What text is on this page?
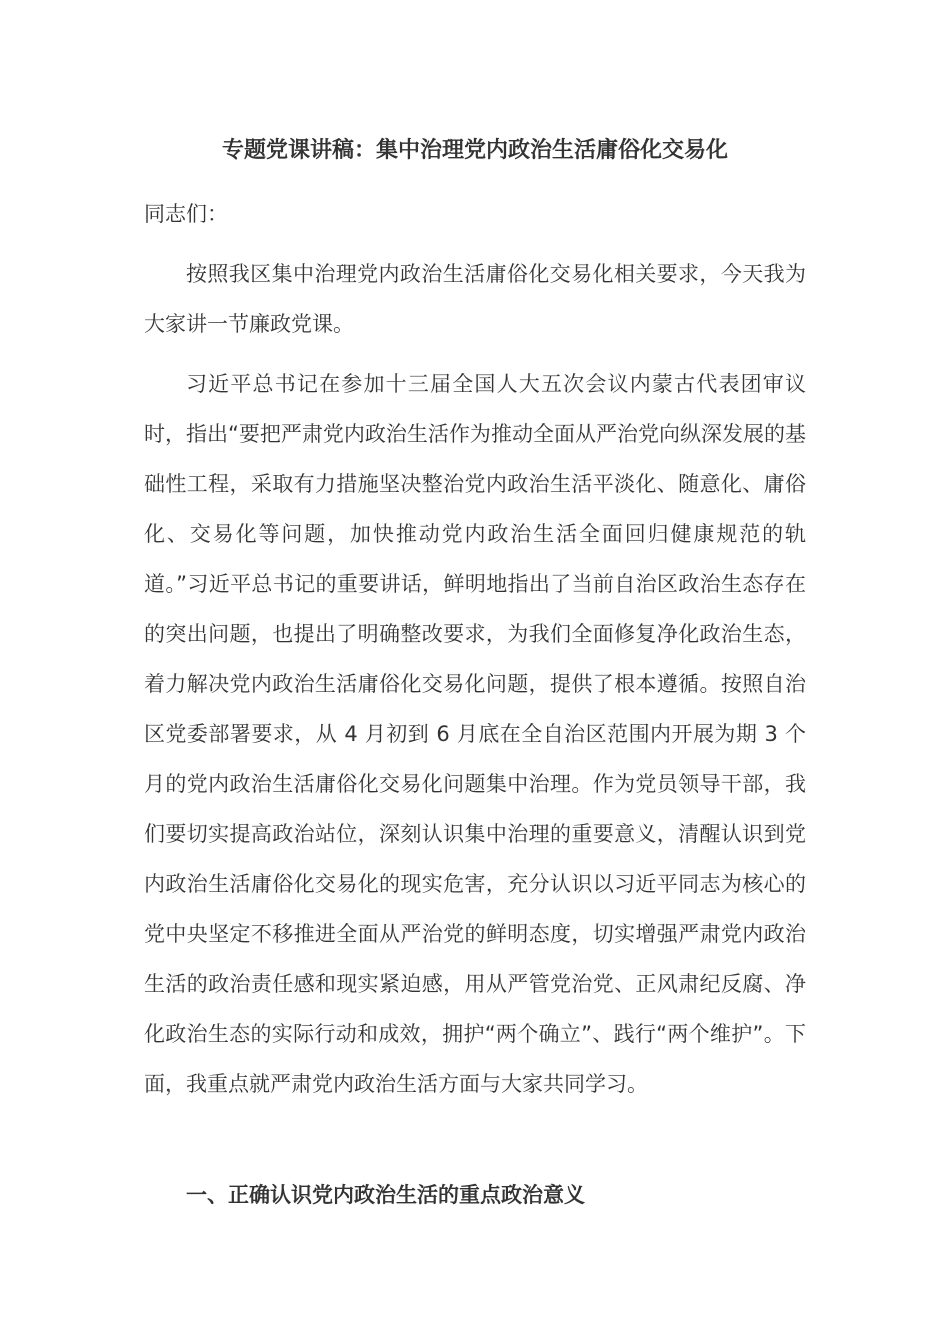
专题党课讲稿：集中治理党内政治生活庸俗化交易化
同志们：

按照我区集中治理党内政治生活庸俗化交易化相关要求，今天我为大家讲一节廉政党课。

习近平总书记在参加十三届全国人大五次会议内蒙古代表团审议时，指出“要把严肃党内政治生活作为推动全面从严治党向纵深发展的基础性工程，采取有力措施坚决整治党内政治生活平淡化、随意化、庸俗化、交易化等问题，加快推动党内政治生活全面回归健康规范的轨道。”习近平总书记的重要讲话，鲜明地指出了当前自治区政治生态存在的突出问题，也提出了明确整改要求，为我们全面修复净化政治生态，着力解决党内政治生活庸俗化交易化问题，提供了根本遵循。按照自治区党委部署要求，从 4 月初到 6 月底在全自治区范围内开展为期 3 个月的党内政治生活庸俗化交易化问题集中治理。作为党员领导干部，我们要切实提高政治站位，深刻认识集中治理的重要意义，清醒认识到党内政治生活庸俗化交易化的现实危害，充分认识以习近平同志为核心的党中央坚定不移推进全面从严治党的鲜明态度，切实增强严肃党内政治生活的政治责任感和现实紧迫感，用从严管党治党、正风肃纪反腐、净化政治生态的实际行动和成效，拥护“两个确立”、践行“两个维护”。下面，我重点就严肃党内政治生活方面与大家共同学习。

一、正确认识党内政治生活的重点政治意义
